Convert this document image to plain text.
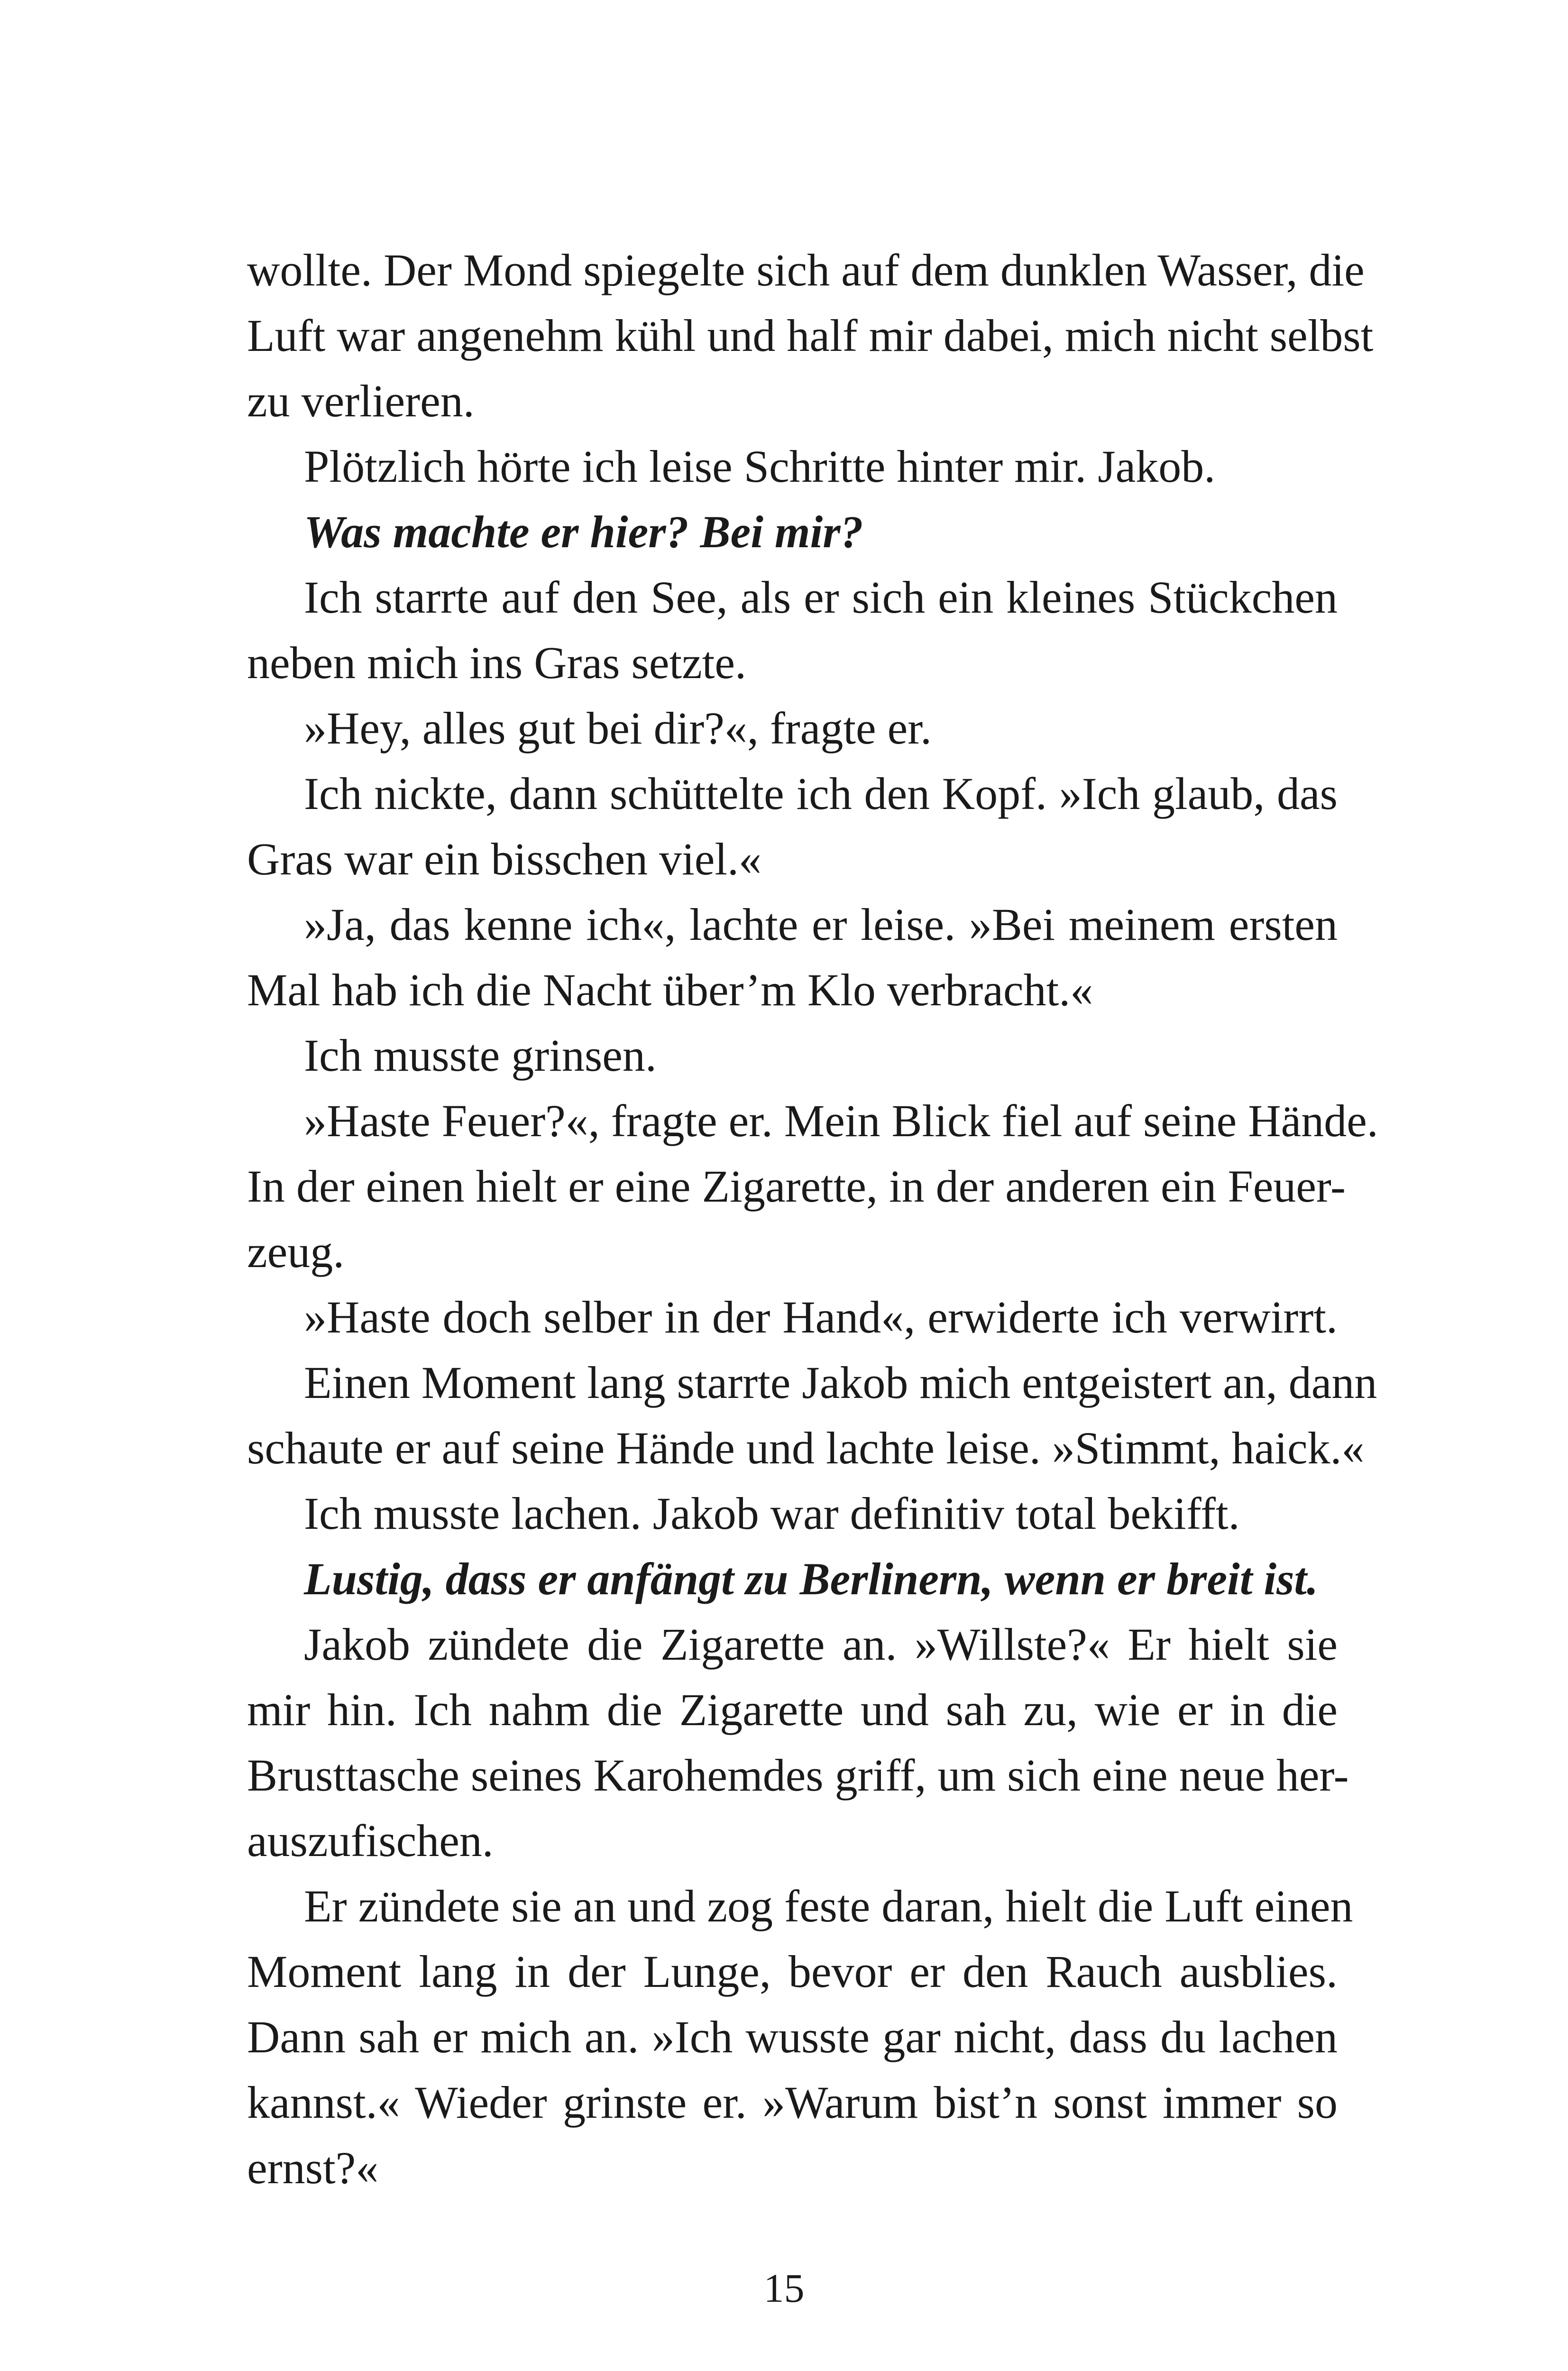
wollte. Der Mond spiegelte sich auf dem dunklen Wasser, die
Luft war angenehm kühl und half mir dabei, mich nicht selbst
zu verlieren.
Plötzlich hörte ich leise Schritte hinter mir. Jakob.
Was machte er hier? Bei mir?
Ich starrte auf den See, als er sich ein kleines Stückchen
neben mich ins Gras setzte.
»Hey, alles gut bei dir?«, fragte er.
Ich nickte, dann schüttelte ich den Kopf. »Ich glaub, das
Gras war ein bisschen viel.«
»Ja, das kenne ich«, lachte er leise. »Bei meinem ersten
Mal hab ich die Nacht über’m Klo verbracht.«
Ich musste grinsen.
»Haste Feuer?«, fragte er. Mein Blick fiel auf seine Hände.
In der einen hielt er eine Zigarette, in der anderen ein Feuer-
zeug.
»Haste doch selber in der Hand«, erwiderte ich verwirrt.
Einen Moment lang starrte Jakob mich entgeistert an, dann
schaute er auf seine Hände und lachte leise. »Stimmt, haick.«
Ich musste lachen. Jakob war definitiv total bekifft.
Lustig, dass er anfängt zu Berlinern, wenn er breit ist.
Jakob zündete die Zigarette an. »Willste?« Er hielt sie
mir hin. Ich nahm die Zigarette und sah zu, wie er in die
Brusttasche seines Karohemdes griff, um sich eine neue her-
auszufischen.
Er zündete sie an und zog feste daran, hielt die Luft einen
Moment lang in der Lunge, bevor er den Rauch ausblies.
Dann sah er mich an. »Ich wusste gar nicht, dass du lachen
kannst.« Wieder grinste er. »Warum bist’n sonst immer so
ernst?«
15
